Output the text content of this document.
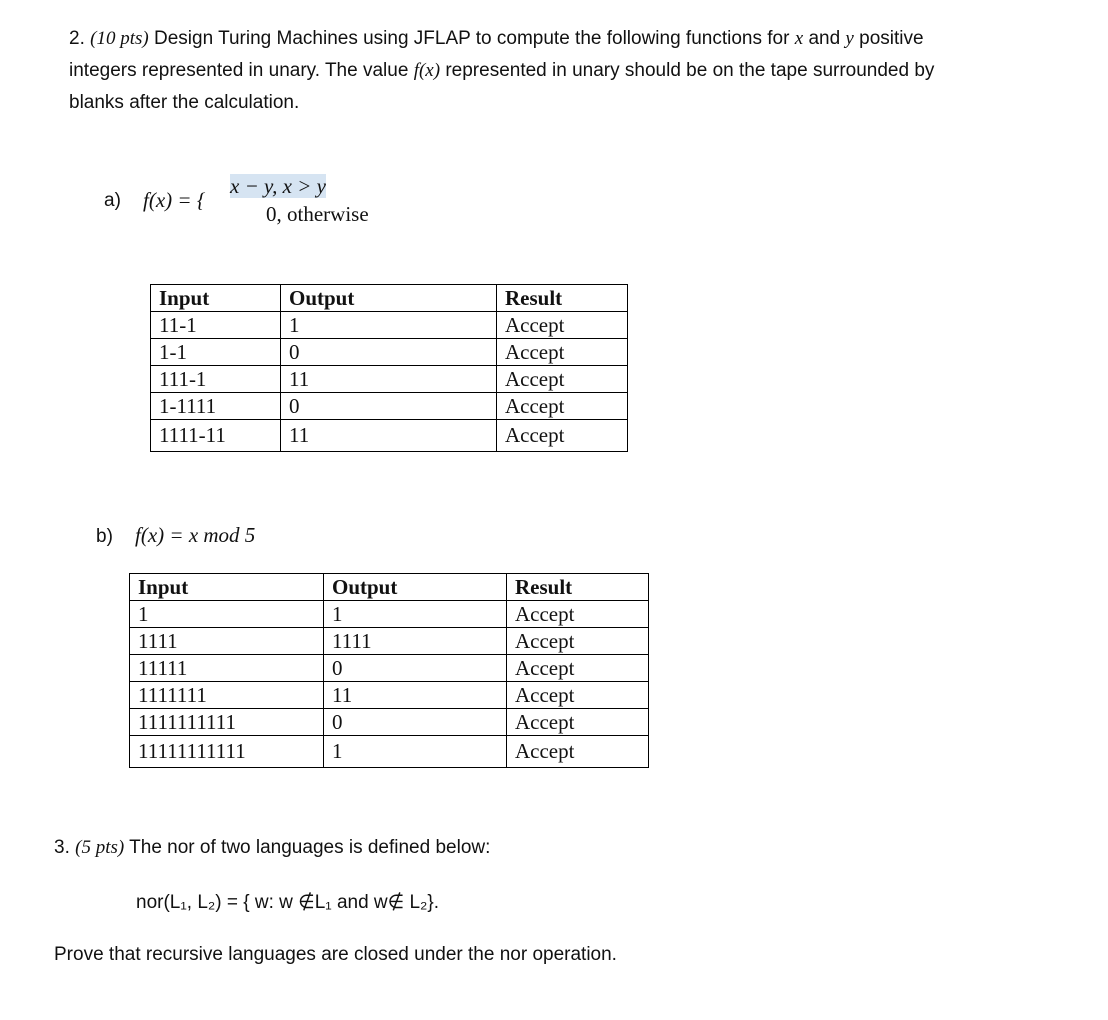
2. (10 pts) Design Turing Machines using JFLAP to compute the following functions for x and y positive
integers represented in unary. The value f(x) represented in unary should be on the tape surrounded by
blanks after the calculation.
a) f(x) = {
x − y, x > y
0, otherwise
Input	Output	Result
11-1	1	Accept
1-1	0	Accept
111-1	11	Accept
1-1111	0	Accept
1111-11	11	Accept
b) f(x) = x mod 5
Input	Output	Result
1	1	Accept
1111	1111	Accept
11111	0	Accept
1111111	11	Accept
1111111111	0	Accept
11111111111	1	Accept
3. (5 pts) The nor of two languages is defined below:
nor(L₁, L₂) = { w: w ∉L₁ and w∉ L₂}.
Prove that recursive languages are closed under the nor operation.
